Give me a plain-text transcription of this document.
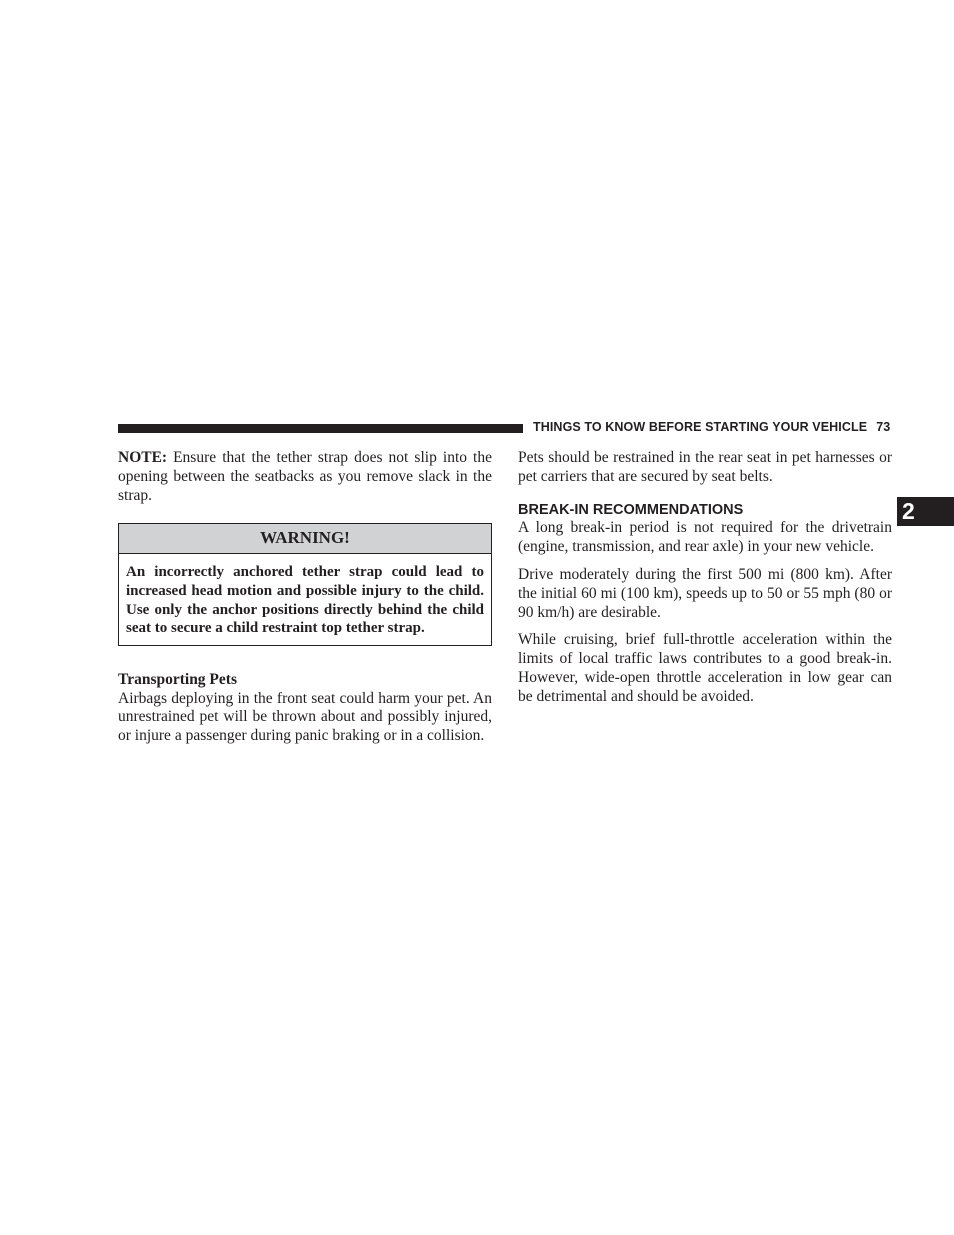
THINGS TO KNOW BEFORE STARTING YOUR VEHICLE 73
2

NOTE: Ensure that the tether strap does not slip into the opening between the seatbacks as you remove slack in the strap.

WARNING!
An incorrectly anchored tether strap could lead to increased head motion and possible injury to the child. Use only the anchor positions directly behind the child seat to secure a child restraint top tether strap.

Transporting Pets

Airbags deploying in the front seat could harm your pet. An unrestrained pet will be thrown about and possibly injured, or injure a passenger during panic braking or in a collision.

Pets should be restrained in the rear seat in pet harnesses or pet carriers that are secured by seat belts.

BREAK-IN RECOMMENDATIONS

A long break-in period is not required for the drivetrain (engine, transmission, and rear axle) in your new vehicle.

Drive moderately during the first 500 mi (800 km). After the initial 60 mi (100 km), speeds up to 50 or 55 mph (80 or 90 km/h) are desirable.

While cruising, brief full-throttle acceleration within the limits of local traffic laws contributes to a good break-in. However, wide-open throttle acceleration in low gear can be detrimental and should be avoided.
